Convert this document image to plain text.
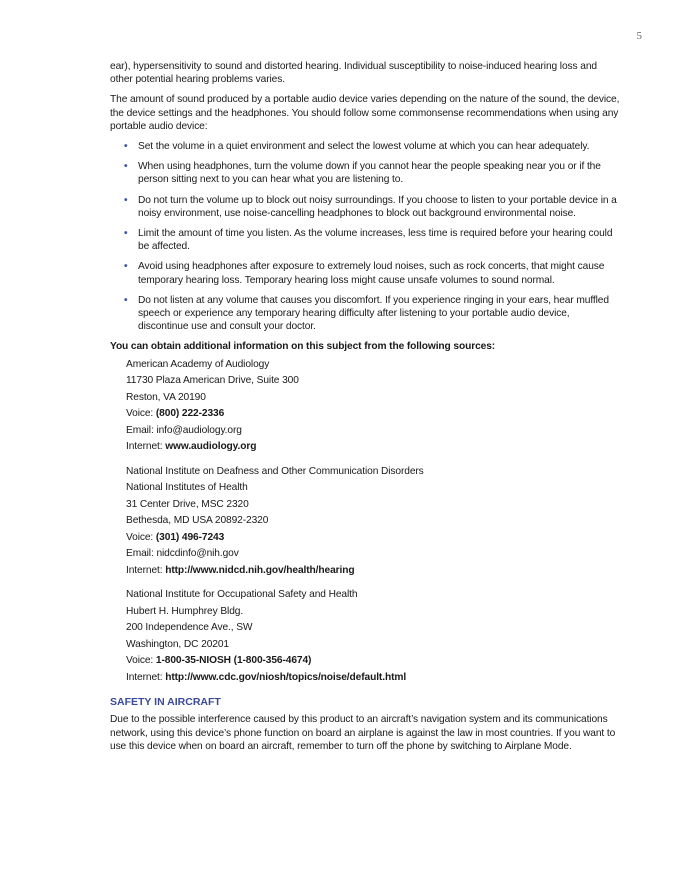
5

ear), hypersensitivity to sound and distorted hearing. Individual susceptibility to noise-induced hearing loss and other potential hearing problems varies.

The amount of sound produced by a portable audio device varies depending on the nature of the sound, the device, the device settings and the headphones. You should follow some commonsense recommendations when using any portable audio device:

• Set the volume in a quiet environment and select the lowest volume at which you can hear adequately.
• When using headphones, turn the volume down if you cannot hear the people speaking near you or if the person sitting next to you can hear what you are listening to.
• Do not turn the volume up to block out noisy surroundings. If you choose to listen to your portable device in a noisy environment, use noise-cancelling headphones to block out background environmental noise.
• Limit the amount of time you listen. As the volume increases, less time is required before your hearing could be affected.
• Avoid using headphones after exposure to extremely loud noises, such as rock concerts, that might cause temporary hearing loss. Temporary hearing loss might cause unsafe volumes to sound normal.
• Do not listen at any volume that causes you discomfort. If you experience ringing in your ears, hear muffled speech or experience any temporary hearing difficulty after listening to your portable audio device, discontinue use and consult your doctor.

You can obtain additional information on this subject from the following sources:

American Academy of Audiology
11730 Plaza American Drive, Suite 300
Reston, VA 20190
Voice: (800) 222-2336
Email: info@audiology.org
Internet: www.audiology.org
National Institute on Deafness and Other Communication Disorders
National Institutes of Health
31 Center Drive, MSC 2320
Bethesda, MD USA 20892-2320
Voice: (301) 496-7243
Email: nidcdinfo@nih.gov
Internet: http://www.nidcd.nih.gov/health/hearing
National Institute for Occupational Safety and Health
Hubert H. Humphrey Bldg.
200 Independence Ave., SW
Washington, DC 20201
Voice: 1-800-35-NIOSH (1-800-356-4674)
Internet: http://www.cdc.gov/niosh/topics/noise/default.html
SAFETY IN AIRCRAFT

Due to the possible interference caused by this product to an aircraft’s navigation system and its communications network, using this device’s phone function on board an airplane is against the law in most countries. If you want to use this device when on board an aircraft, remember to turn off the phone by switching to Airplane Mode.
